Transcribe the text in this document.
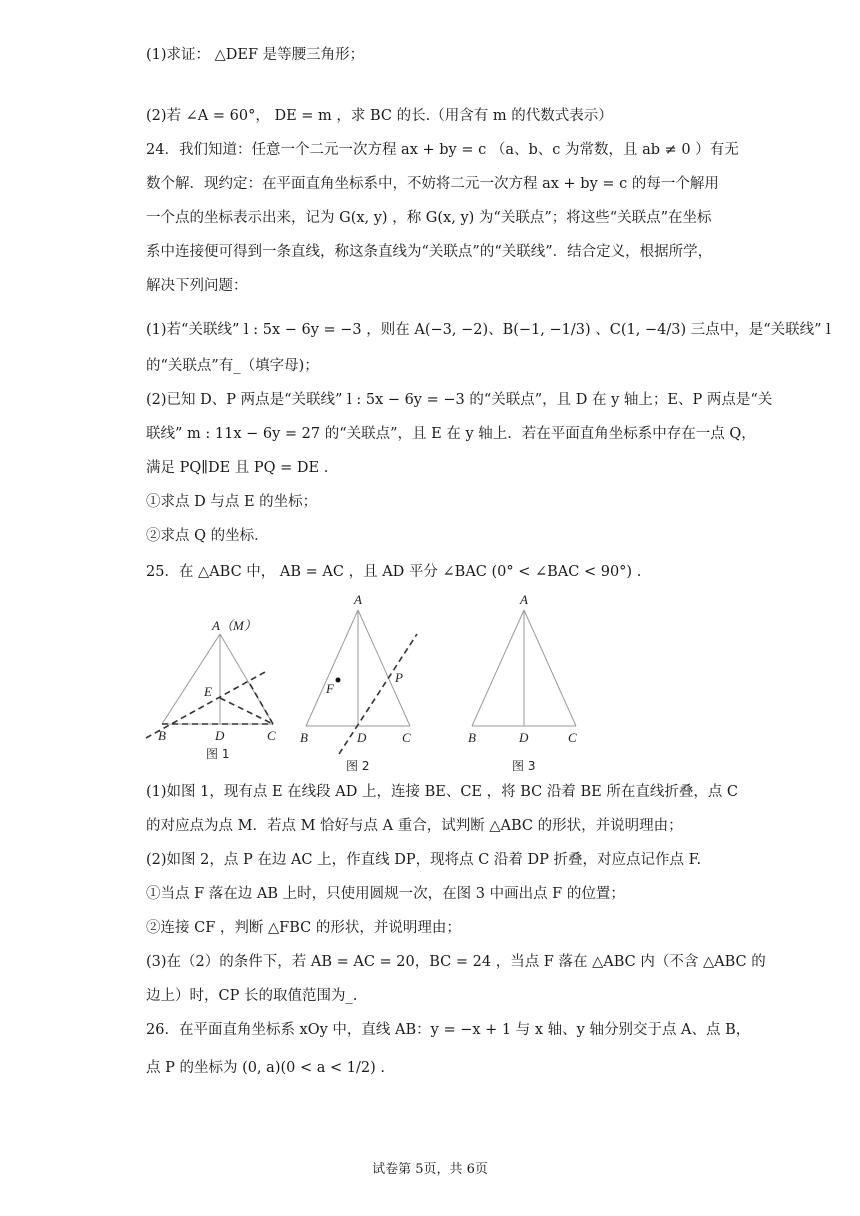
(1)求证： △DEF 是等腰三角形；
(2)若 ∠A = 60°， DE = m ，求 BC 的长.（用含有 m 的代数式表示）
24．我们知道：任意一个二元一次方程 ax + by = c （a、b、c 为常数，且 ab ≠ 0 ）有无
数个解．现约定：在平面直角坐标系中，不妨将二元一次方程 ax + by = c 的每一个解用
一个点的坐标表示出来，记为 G(x, y) ，称 G(x, y) 为“关联点”；将这些“关联点”在坐标
系中连接便可得到一条直线，称这条直线为“关联点”的“关联线”．结合定义，根据所学，
解决下列问题：
(1)若“关联线” l : 5x − 6y = −3 ，则在 A(−3, −2)、B(−1, −1/3) 、C(1, −4/3) 三点中，是“关联线” l
的“关联点”有_（填字母)；
(2)已知 D、P 两点是“关联线” l : 5x − 6y = −3 的“关联点”，且 D 在 y 轴上；E、P 两点是“关
联线” m : 11x − 6y = 27 的“关联点”，且 E 在 y 轴上．若在平面直角坐标系中存在一点 Q，
满足 PQ∥DE 且 PQ = DE .
①求点 D 与点 E 的坐标；
②求点 Q 的坐标．
25．在 △ABC 中， AB = AC ，且 AD 平分 ∠BAC (0° < ∠BAC < 90°) .
A（M）
E
B	D	C
图 1
A
F
P
B	D	C
图 2
A
B	D	C
图 3
(1)如图 1，现有点 E 在线段 AD 上，连接 BE、CE ，将 BC 沿着 BE 所在直线折叠，点 C
的对应点为点 M．若点 M 恰好与点 A 重合，试判断 △ABC 的形状，并说明理由；
(2)如图 2，点 P 在边 AC 上，作直线 DP，现将点 C 沿着 DP 折叠，对应点记作点 F.
①当点 F 落在边 AB 上时，只使用圆规一次，在图 3 中画出点 F 的位置；
②连接 CF ，判断 △FBC 的形状，并说明理由；
(3)在（2）的条件下，若 AB = AC = 20，BC = 24 ，当点 F 落在 △ABC 内（不含 △ABC 的
边上）时，CP 长的取值范围为_.
26．在平面直角坐标系 xOy 中，直线 AB：y = −x + 1 与 x 轴、y 轴分别交于点 A、点 B，
点 P 的坐标为 (0, a)(0 < a < 1/2) .
试卷第 5页，共 6页
